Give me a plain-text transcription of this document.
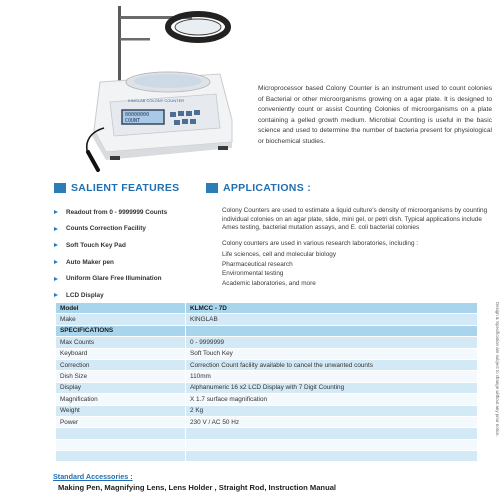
00000000
COUNT
KINGLAB COLONY COUNTER

Microprocessor based Colony Counter is an instrument used to count colonies of Bacterial or other microorganisms growing on a agar plate. It is designed to conveniently count or assist Counting Colonies of microorganisms on a plate containing a gelled growth medium. Microbial Counting is useful in the basic science and used to determine the number of bacteria present for physiological or biochemical studies.

SALIENT FEATURES	APPLICATIONS :
Readout from 0 - 9999999 Counts
Counts Correction Facility
Soft Touch Key Pad
Auto Maker pen
Uniform Glare Free Illumination
LCD Display

Colony Counters are used to estimate a liquid culture's density of microorganisms by counting individual colonies on an agar plate, slide, mini gel, or petri dish. Typical applications include Ames testing, bacterial mutation assays, and E. coli bacterial colonies

Colony counters are used in various research laboratories, including :

Life sciences, cell and molecular biology
Pharmaceutical research
Environmental testing
Academic laboratories, and more
Model	KLMCC - 7D
Make	KINGLAB
SPECIFICATIONS	
Max Counts	0 - 9999999
Keyboard	Soft Touch Key
Correction	Correction Count facility available to cancel the unwanted counts
Dish Size	110mm
Display	Alphanumeric 16 x2 LCD Display with 7 Digit Counting
Magnification	X 1.7 surface magnification
Weight	2 Kg
Power	230 V / AC 50 Hz

		Design & Specification are subject to change without any prior notice.
Standard Accessories :
Making Pen, Magnifying Lens, Lens Holder , Straight Rod, Instruction Manual
